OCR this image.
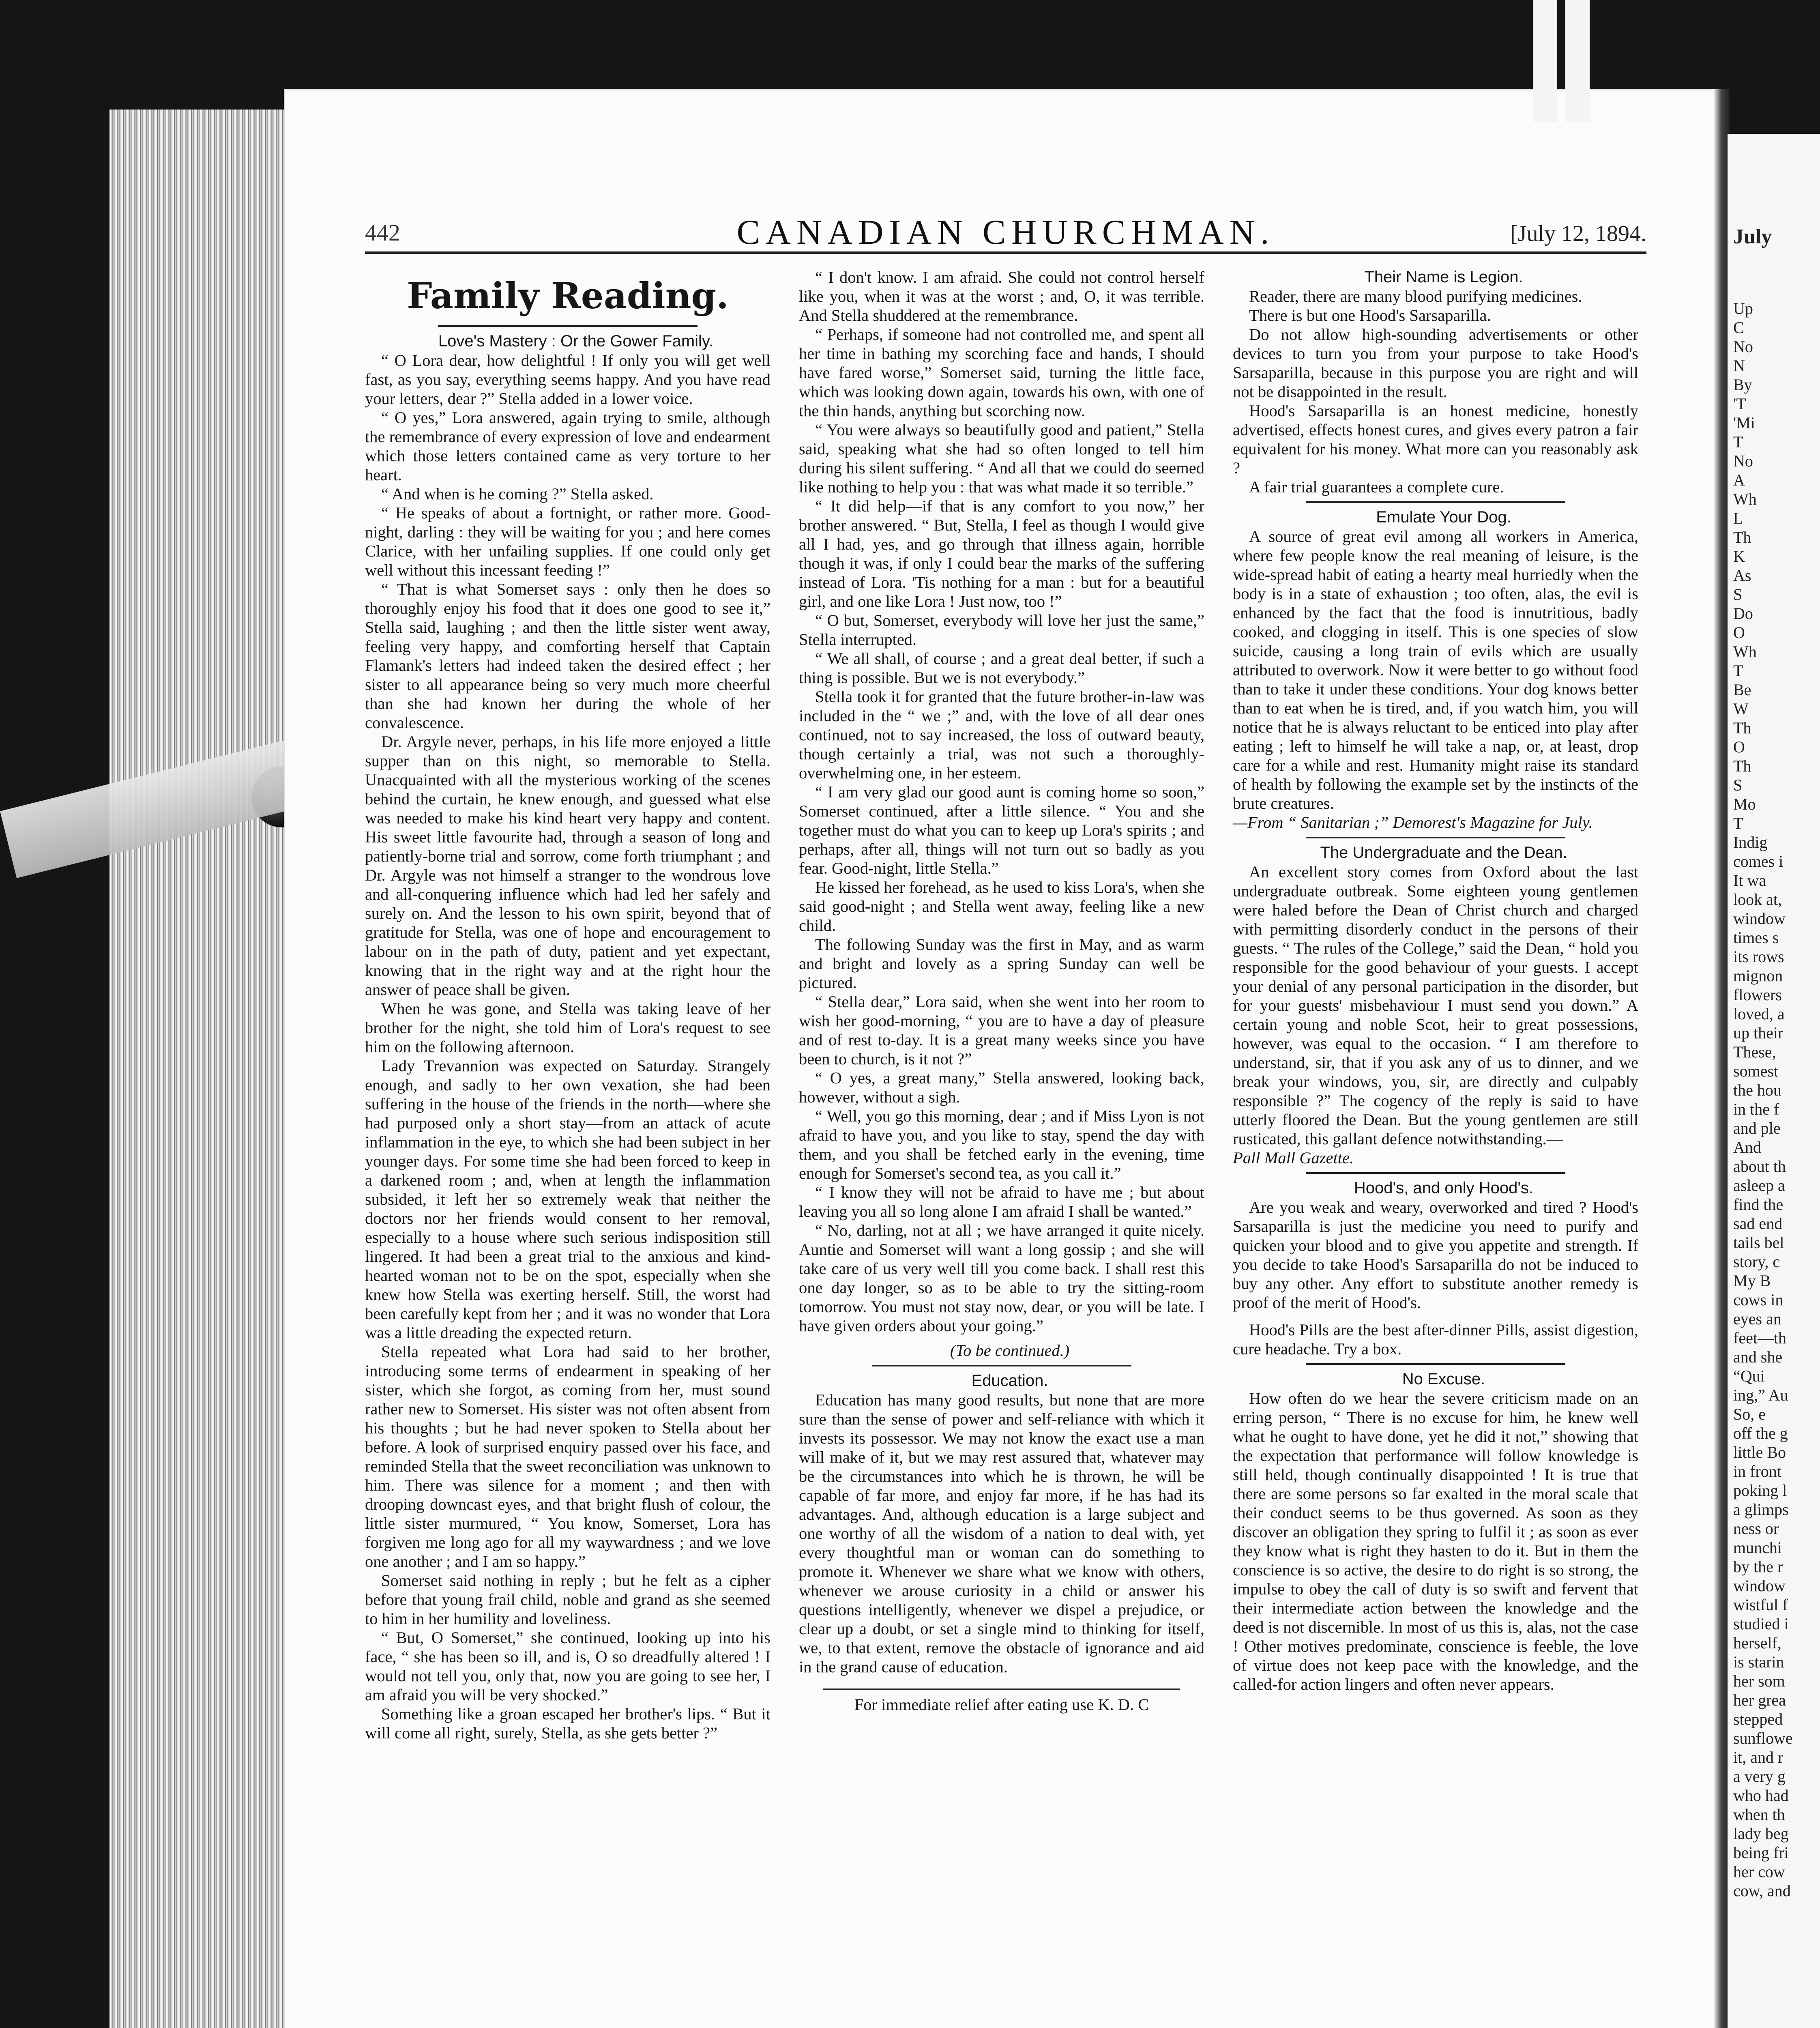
442	CANADIAN CHURCHMAN.	[July 12, 1894.
Family Reading.

Love's Mastery : Or the Gower Family.

“ O Lora dear, how delightful ! If only you will get well fast, as you say, everything seems happy. And you have read your letters, dear ?” Stella added in a lower voice.

“ O yes,” Lora answered, again trying to smile, although the remembrance of every expression of love and endearment which those letters contained came as very torture to her heart.

“ And when is he coming ?” Stella asked.

“ He speaks of about a fortnight, or rather more. Good-night, darling : they will be waiting for you ; and here comes Clarice, with her unfailing supplies. If one could only get well without this incessant feeding !”

“ That is what Somerset says : only then he does so thoroughly enjoy his food that it does one good to see it,” Stella said, laughing ; and then the little sister went away, feeling very happy, and comforting herself that Captain Flamank's letters had indeed taken the desired effect ; her sister to all appearance being so very much more cheerful than she had known her during the whole of her convalescence.

Dr. Argyle never, perhaps, in his life more enjoyed a little supper than on this night, so memorable to Stella. Unacquainted with all the mysterious working of the scenes behind the curtain, he knew enough, and guessed what else was needed to make his kind heart very happy and content. His sweet little favourite had, through a season of long and patiently-borne trial and sorrow, come forth triumphant ; and Dr. Argyle was not himself a stranger to the wondrous love and all-conquering influence which had led her safely and surely on. And the lesson to his own spirit, beyond that of gratitude for Stella, was one of hope and encouragement to labour on in the path of duty, patient and yet expectant, knowing that in the right way and at the right hour the answer of peace shall be given.

When he was gone, and Stella was taking leave of her brother for the night, she told him of Lora's request to see him on the following afternoon.

Lady Trevannion was expected on Saturday. Strangely enough, and sadly to her own vexation, she had been suffering in the house of the friends in the north—where she had purposed only a short stay—from an attack of acute inflammation in the eye, to which she had been subject in her younger days. For some time she had been forced to keep in a darkened room ; and, when at length the inflammation subsided, it left her so extremely weak that neither the doctors nor her friends would consent to her removal, especially to a house where such serious indisposition still lingered. It had been a great trial to the anxious and kind-hearted woman not to be on the spot, especially when she knew how Stella was exerting herself. Still, the worst had been carefully kept from her ; and it was no wonder that Lora was a little dreading the expected return.

Stella repeated what Lora had said to her brother, introducing some terms of endearment in speaking of her sister, which she forgot, as coming from her, must sound rather new to Somerset. His sister was not often absent from his thoughts ; but he had never spoken to Stella about her before. A look of surprised enquiry passed over his face, and reminded Stella that the sweet reconciliation was unknown to him. There was silence for a moment ; and then with drooping downcast eyes, and that bright flush of colour, the little sister murmured, “ You know, Somerset, Lora has forgiven me long ago for all my waywardness ; and we love one another ; and I am so happy.”

Somerset said nothing in reply ; but he felt as a cipher before that young frail child, noble and grand as she seemed to him in her humility and loveliness.

“ But, O Somerset,” she continued, looking up into his face, “ she has been so ill, and is, O so dreadfully altered ! I would not tell you, only that, now you are going to see her, I am afraid you will be very shocked.”

Something like a groan escaped her brother's lips. “ But it will come all right, surely, Stella, as she gets better ?”

“ I don't know. I am afraid. She could not control herself like you, when it was at the worst ; and, O, it was terrible. And Stella shuddered at the remembrance.

“ Perhaps, if someone had not controlled me, and spent all her time in bathing my scorching face and hands, I should have fared worse,” Somerset said, turning the little face, which was looking down again, towards his own, with one of the thin hands, anything but scorching now.

“ You were always so beautifully good and patient,” Stella said, speaking what she had so often longed to tell him during his silent suffering. “ And all that we could do seemed like nothing to help you : that was what made it so terrible.”

“ It did help—if that is any comfort to you now,” her brother answered. “ But, Stella, I feel as though I would give all I had, yes, and go through that illness again, horrible though it was, if only I could bear the marks of the suffering instead of Lora. 'Tis nothing for a man : but for a beautiful girl, and one like Lora ! Just now, too !”

“ O but, Somerset, everybody will love her just the same,” Stella interrupted.

“ We all shall, of course ; and a great deal better, if such a thing is possible. But we is not everybody.”

Stella took it for granted that the future brother-in-law was included in the “ we ;” and, with the love of all dear ones continued, not to say increased, the loss of outward beauty, though certainly a trial, was not such a thoroughly-overwhelming one, in her esteem.

“ I am very glad our good aunt is coming home so soon,” Somerset continued, after a little silence. “ You and she together must do what you can to keep up Lora's spirits ; and perhaps, after all, things will not turn out so badly as you fear. Good-night, little Stella.”

He kissed her forehead, as he used to kiss Lora's, when she said good-night ; and Stella went away, feeling like a new child.

The following Sunday was the first in May, and as warm and bright and lovely as a spring Sunday can well be pictured.

“ Stella dear,” Lora said, when she went into her room to wish her good-morning, “ you are to have a day of pleasure and of rest to-day. It is a great many weeks since you have been to church, is it not ?”

“ O yes, a great many,” Stella answered, looking back, however, without a sigh.

“ Well, you go this morning, dear ; and if Miss Lyon is not afraid to have you, and you like to stay, spend the day with them, and you shall be fetched early in the evening, time enough for Somerset's second tea, as you call it.”

“ I know they will not be afraid to have me ; but about leaving you all so long alone I am afraid I shall be wanted.”

“ No, darling, not at all ; we have arranged it quite nicely. Auntie and Somerset will want a long gossip ; and she will take care of us very well till you come back. I shall rest this one day longer, so as to be able to try the sitting-room tomorrow. You must not stay now, dear, or you will be late. I have given orders about your going.”

(To be continued.)

Education.

Education has many good results, but none that are more sure than the sense of power and self-reliance with which it invests its possessor. We may not know the exact use a man will make of it, but we may rest assured that, whatever may be the circumstances into which he is thrown, he will be capable of far more, and enjoy far more, if he has had its advantages. And, although education is a large subject and one worthy of all the wisdom of a nation to deal with, yet every thoughtful man or woman can do something to promote it. Whenever we share what we know with others, whenever we arouse curiosity in a child or answer his questions intelligently, whenever we dispel a prejudice, or clear up a doubt, or set a single mind to thinking for itself, we, to that extent, remove the obstacle of ignorance and aid in the grand cause of education.

For immediate relief after eating use K. D. C

Their Name is Legion.

Reader, there are many blood purifying medicines.

There is but one Hood's Sarsaparilla.

Do not allow high-sounding advertisements or other devices to turn you from your purpose to take Hood's Sarsaparilla, because in this purpose you are right and will not be disappointed in the result.

Hood's Sarsaparilla is an honest medicine, honestly advertised, effects honest cures, and gives every patron a fair equivalent for his money. What more can you reasonably ask ?

A fair trial guarantees a complete cure.

Emulate Your Dog.

A source of great evil among all workers in America, where few people know the real meaning of leisure, is the wide-spread habit of eating a hearty meal hurriedly when the body is in a state of exhaustion ; too often, alas, the evil is enhanced by the fact that the food is innutritious, badly cooked, and clogging in itself. This is one species of slow suicide, causing a long train of evils which are usually attributed to overwork. Now it were better to go without food than to take it under these conditions. Your dog knows better than to eat when he is tired, and, if you watch him, you will notice that he is always reluctant to be enticed into play after eating ; left to himself he will take a nap, or, at least, drop care for a while and rest. Humanity might raise its standard of health by following the example set by the instincts of the brute creatures.

—From “ Sanitarian ;” Demorest's Magazine for July.

The Undergraduate and the Dean.

An excellent story comes from Oxford about the last undergraduate outbreak. Some eighteen young gentlemen were haled before the Dean of Christ church and charged with permitting disorderly conduct in the persons of their guests. “ The rules of the College,” said the Dean, “ hold you responsible for the good behaviour of your guests. I accept your denial of any personal participation in the disorder, but for your guests' misbehaviour I must send you down.” A certain young and noble Scot, heir to great possessions, however, was equal to the occasion. “ I am therefore to understand, sir, that if you ask any of us to dinner, and we break your windows, you, sir, are directly and culpably responsible ?” The cogency of the reply is said to have utterly floored the Dean. But the young gentlemen are still rusticated, this gallant defence notwithstanding.—

Pall Mall Gazette.

Hood's, and only Hood's.

Are you weak and weary, overworked and tired ? Hood's Sarsaparilla is just the medicine you need to purify and quicken your blood and to give you appetite and strength. If you decide to take Hood's Sarsaparilla do not be induced to buy any other. Any effort to substitute another remedy is proof of the merit of Hood's.

Hood's Pills are the best after-dinner Pills, assist digestion, cure headache. Try a box.

No Excuse.

How often do we hear the severe criticism made on an erring person, “ There is no excuse for him, he knew well what he ought to have done, yet he did it not,” showing that the expectation that performance will follow knowledge is still held, though continually disappointed ! It is true that there are some persons so far exalted in the moral scale that their conduct seems to be thus governed. As soon as they discover an obligation they spring to fulfil it ; as soon as ever they know what is right they hasten to do it. But in them the conscience is so active, the desire to do right is so strong, the impulse to obey the call of duty is so swift and fervent that their intermediate action between the knowledge and the deed is not discernible. In most of us this is, alas, not the case ! Other motives predominate, conscience is feeble, the love of virtue does not keep pace with the knowledge, and the called-for action lingers and often never appears.

July
Up
C
No
N
By
'T
'Mi
T
No
A
Wh
L
Th
K
As
S
Do
O
Wh
T
Be
W
Th
O
Th
S
Mo
T
Indig
comes i
It wa
look at,
window
times s
its rows
mignon
flowers
loved, a
up their
These,
somest
the hou
in the f
and ple
And
about th
asleep a
find the
sad end
tails bel
story, c
My B
cows in
eyes an
feet—th
and she
“Qui
ing,” Au
So, e
off the g
little Bo
in front
poking l
a glimps
ness or
munchi
by the r
window
wistful f
studied i
herself,
is starin
her som
her grea
stepped
sunflowe
it, and r
a very g
who had
when th
lady beg
being fri
her cow
cow, and
